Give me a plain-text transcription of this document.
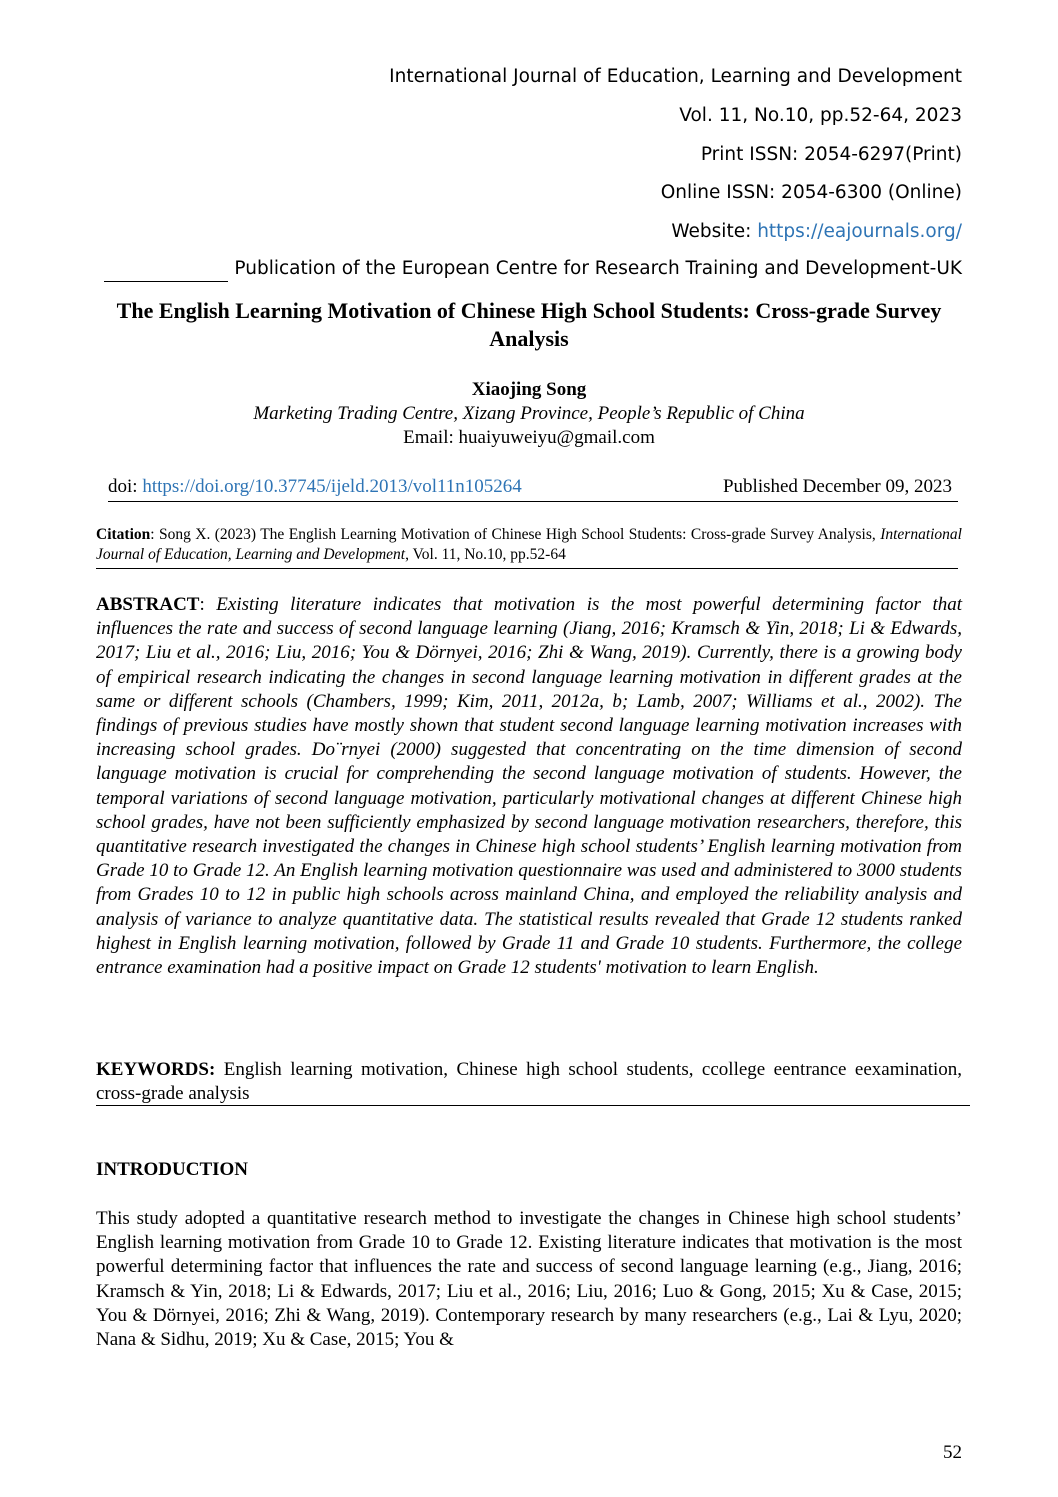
International Journal of Education, Learning and Development
Vol. 11, No.10, pp.52-64, 2023
Print ISSN: 2054-6297(Print)
Online ISSN: 2054-6300 (Online)
Website: https://eajournals.org/
Publication of the European Centre for Research Training and Development-UK
The English Learning Motivation of Chinese High School Students: Cross-grade Survey Analysis
Xiaojing Song
Marketing Trading Centre, Xizang Province, People’s Republic of China
Email: huaiyuweiyu@gmail.com
doi: https://doi.org/10.37745/ijeld.2013/vol11n105264	Published December 09, 2023
Citation: Song X. (2023) The English Learning Motivation of Chinese High School Students: Cross-grade Survey Analysis, International Journal of Education, Learning and Development, Vol. 11, No.10, pp.52-64
ABSTRACT: Existing literature indicates that motivation is the most powerful determining factor that influences the rate and success of second language learning (Jiang, 2016; Kramsch & Yin, 2018; Li & Edwards, 2017; Liu et al., 2016; Liu, 2016; You & Dörnyei, 2016; Zhi & Wang, 2019). Currently, there is a growing body of empirical research indicating the changes in second language learning motivation in different grades at the same or different schools (Chambers, 1999; Kim, 2011, 2012a, b; Lamb, 2007; Williams et al., 2002). The findings of previous studies have mostly shown that student second language learning motivation increases with increasing school grades. Do¨rnyei (2000) suggested that concentrating on the time dimension of second language motivation is crucial for comprehending the second language motivation of students. However, the temporal variations of second language motivation, particularly motivational changes at different Chinese high school grades, have not been sufficiently emphasized by second language motivation researchers, therefore, this quantitative research investigated the changes in Chinese high school students’ English learning motivation from Grade 10 to Grade 12. An English learning motivation questionnaire was used and administered to 3000 students from Grades 10 to 12 in public high schools across mainland China, and employed the reliability analysis and analysis of variance to analyze quantitative data. The statistical results revealed that Grade 12 students ranked highest in English learning motivation, followed by Grade 11 and Grade 10 students. Furthermore, the college entrance examination had a positive impact on Grade 12 students' motivation to learn English.
KEYWORDS: English learning motivation, Chinese high school students, ccollege eentrance eexamination, cross-grade analysis
INTRODUCTION
This study adopted a quantitative research method to investigate the changes in Chinese high school students’ English learning motivation from Grade 10 to Grade 12. Existing literature indicates that motivation is the most powerful determining factor that influences the rate and success of second language learning (e.g., Jiang, 2016; Kramsch & Yin, 2018; Li & Edwards, 2017; Liu et al., 2016; Liu, 2016; Luo & Gong, 2015; Xu & Case, 2015; You & Dörnyei, 2016; Zhi & Wang, 2019). Contemporary research by many researchers (e.g., Lai & Lyu, 2020; Nana & Sidhu, 2019; Xu & Case, 2015; You &
52
